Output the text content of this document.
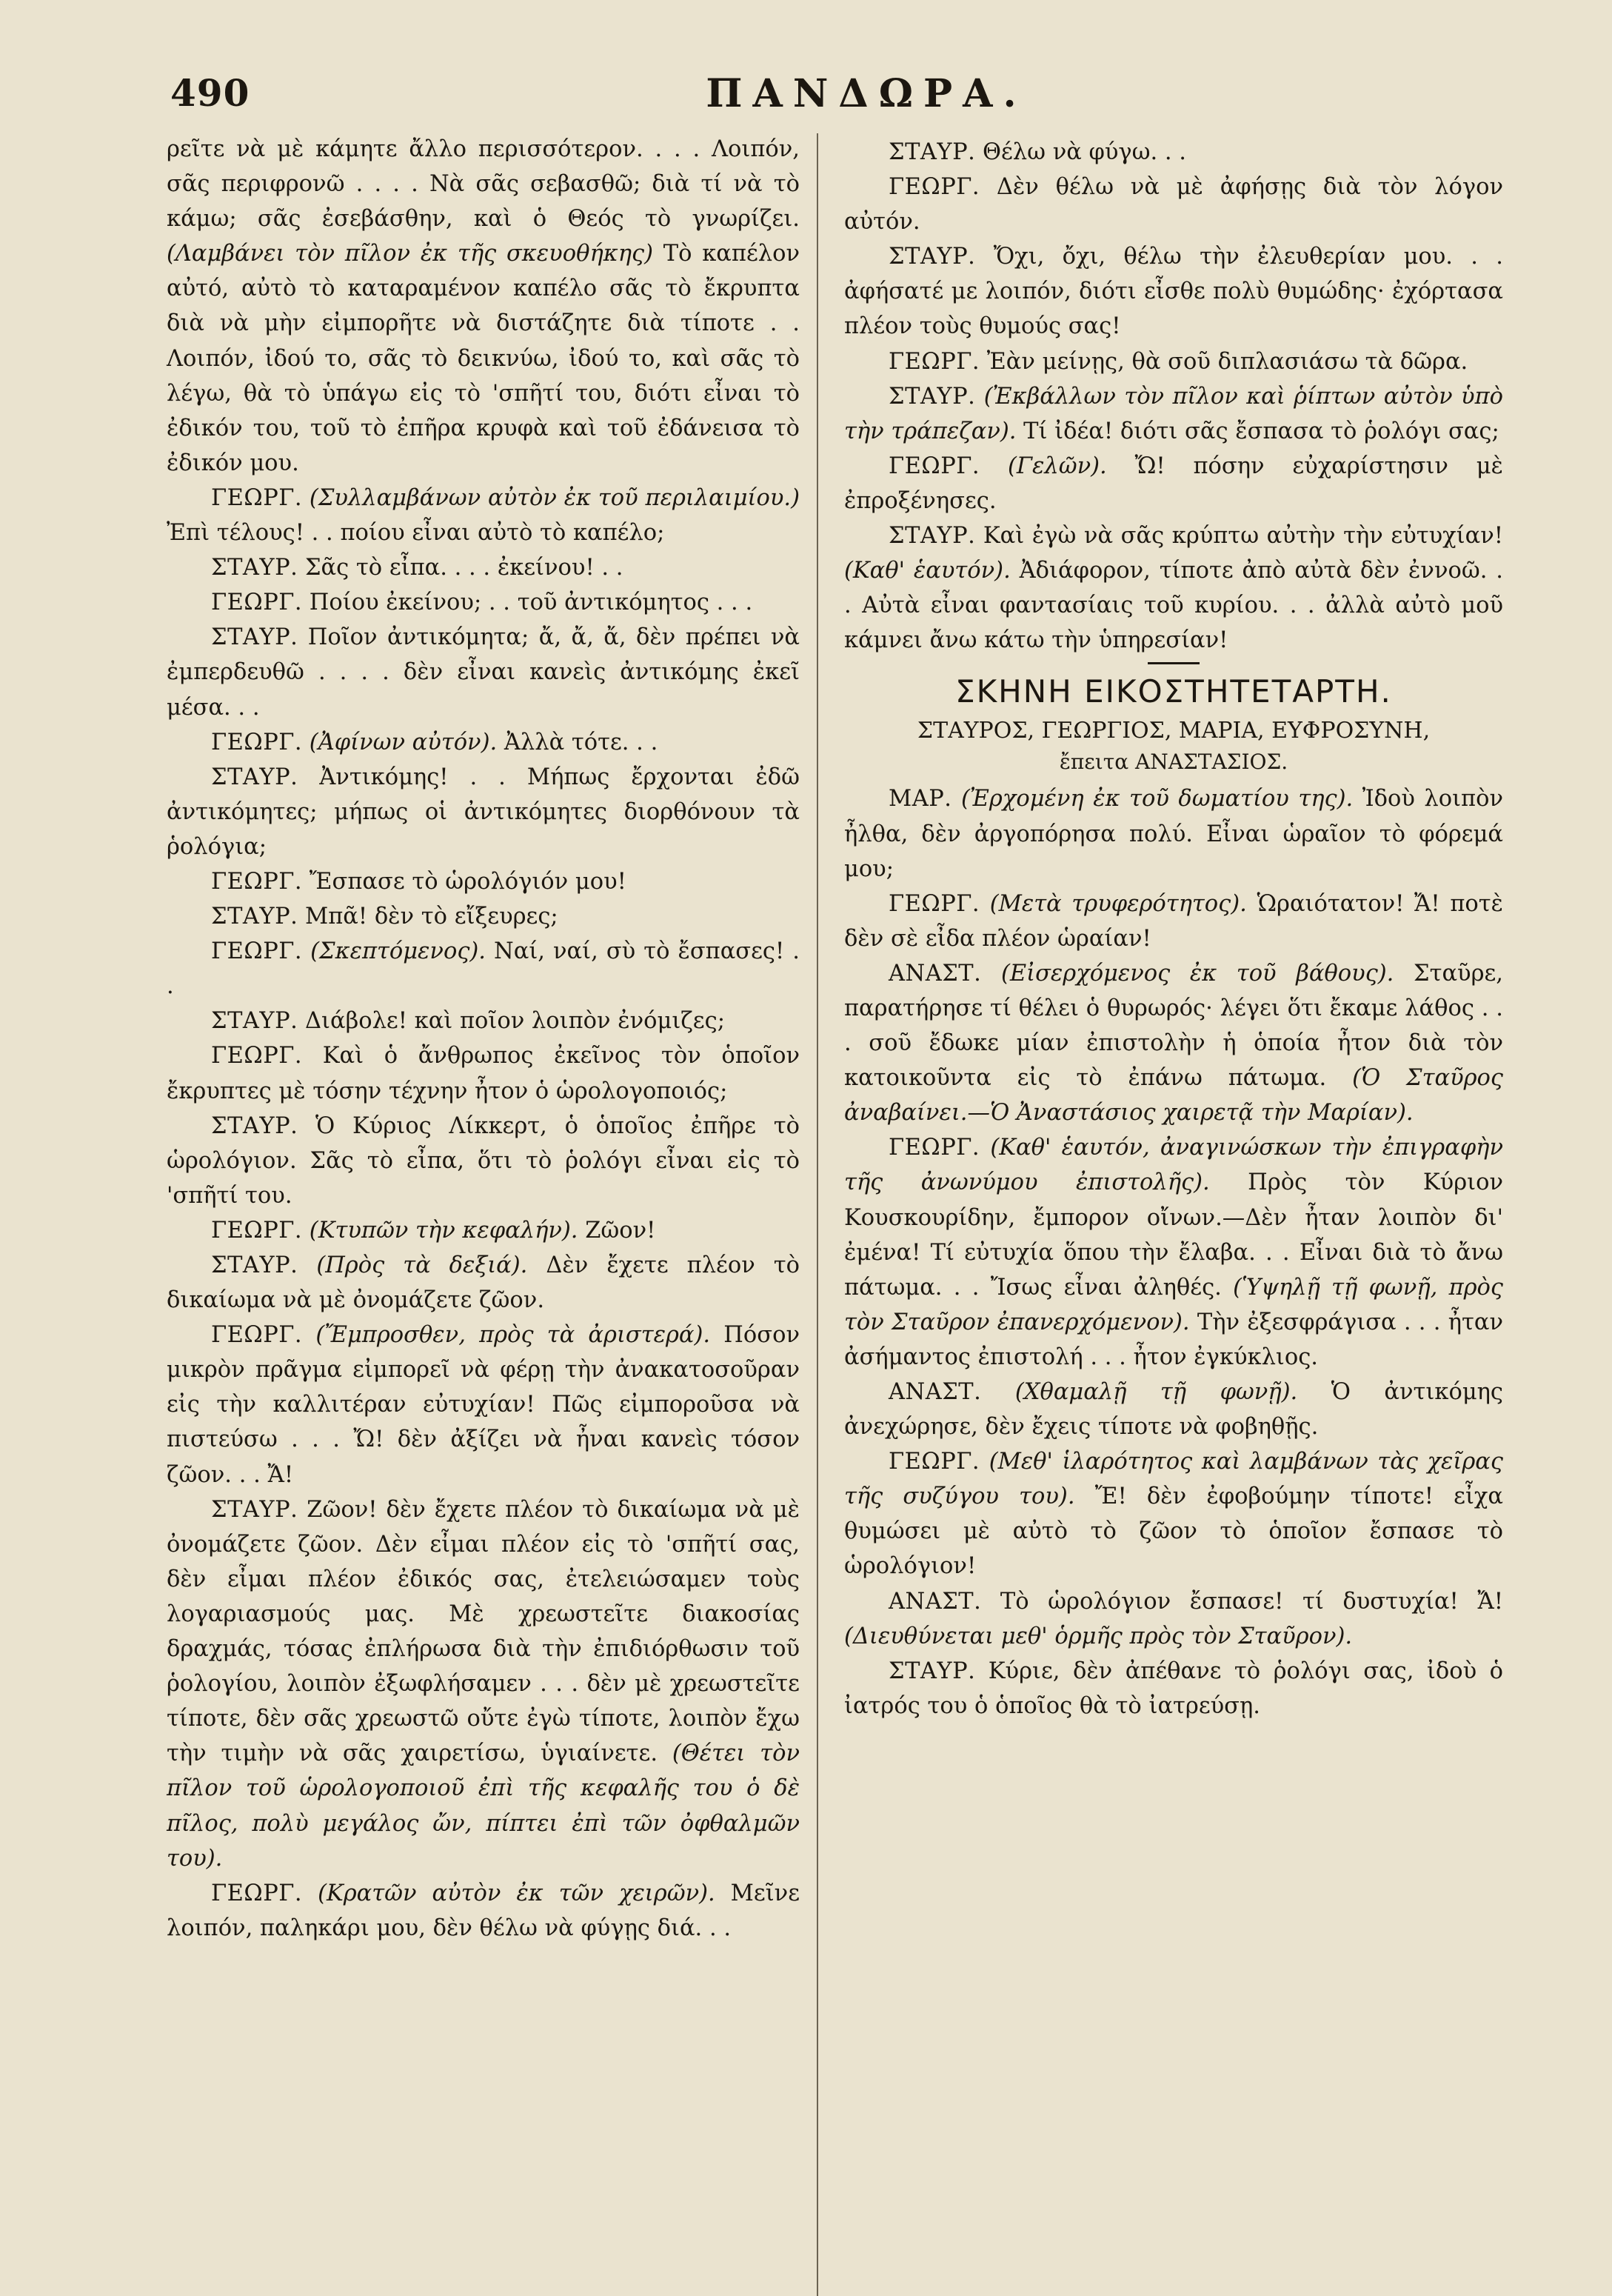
490	ΠΑΝΔΩΡΑ.

ρεῖτε νὰ μὲ κάμητε ἄλλο περισσότερον. . . . Λοιπόν, σᾶς περιφρονῶ . . . . Νὰ σᾶς σεβασθῶ; διὰ τί νὰ τὸ κάμω; σᾶς ἐσεβάσθην, καὶ ὁ Θεός τὸ γνωρίζει. (Λαμβάνει τὸν πῖλον ἐκ τῆς σκευοθήκης) Τὸ καπέλον αὐτό, αὐτὸ τὸ καταραμένον καπέλο σᾶς τὸ ἔκρυπτα διὰ νὰ μὴν εἰμπορῆτε νὰ διστάζητε διὰ τίποτε . . Λοιπόν, ἰδού το, σᾶς τὸ δεικνύω, ἰδού το, καὶ σᾶς τὸ λέγω, θὰ τὸ ὑπάγω εἰς τὸ 'σπῆτί του, διότι εἶναι τὸ ἐδικόν του, τοῦ τὸ ἐπῆρα κρυφὰ καὶ τοῦ ἐδάνεισα τὸ ἐδικόν μου.

ΓΕΩΡΓ. (Συλλαμβάνων αὐτὸν ἐκ τοῦ περιλαιμίου.) Ἐπὶ τέλους! . . ποίου εἶναι αὐτὸ τὸ καπέλο;

ΣΤΑΥΡ. Σᾶς τὸ εἶπα. . . . ἐκείνου! . .

ΓΕΩΡΓ. Ποίου ἐκείνου; . . τοῦ ἀντικόμητος . . .

ΣΤΑΥΡ. Ποῖον ἀντικόμητα; ἄ, ἄ, ἄ, δὲν πρέπει νὰ ἐμπερδευθῶ . . . . δὲν εἶναι κανεὶς ἀντικόμης ἐκεῖ μέσα. . .

ΓΕΩΡΓ. (Ἀφίνων αὐτόν). Ἀλλὰ τότε. . .

ΣΤΑΥΡ. Ἀντικόμης! . . Μήπως ἔρχονται ἐδῶ ἀντικόμητες; μήπως οἱ ἀντικόμητες διορθόνουν τὰ ῥολόγια;

ΓΕΩΡΓ. Ἔσπασε τὸ ὡρολόγιόν μου!

ΣΤΑΥΡ. Μπᾶ! δὲν τὸ εἴξευρες;

ΓΕΩΡΓ. (Σκεπτόμενος). Ναί, ναί, σὺ τὸ ἔσπασες! . .

ΣΤΑΥΡ. Διάβολε! καὶ ποῖον λοιπὸν ἐνόμιζες;

ΓΕΩΡΓ. Καὶ ὁ ἄνθρωπος ἐκεῖνος τὸν ὁποῖον ἔκρυπτες μὲ τόσην τέχνην ἦτον ὁ ὡρολογοποιός;

ΣΤΑΥΡ. Ὁ Κύριος Λίκκερτ, ὁ ὁποῖος ἐπῆρε τὸ ὡρολόγιον. Σᾶς τὸ εἶπα, ὅτι τὸ ῥολόγι εἶναι εἰς τὸ 'σπῆτί του.

ΓΕΩΡΓ. (Κτυπῶν τὴν κεφαλήν). Ζῶον!

ΣΤΑΥΡ. (Πρὸς τὰ δεξιά). Δὲν ἔχετε πλέον τὸ δικαίωμα νὰ μὲ ὀνομάζετε ζῶον.

ΓΕΩΡΓ. (Ἔμπροσθεν, πρὸς τὰ ἀριστερά). Πόσον μικρὸν πρᾶγμα εἰμπορεῖ νὰ φέρῃ τὴν ἀνακατοσοῦραν εἰς τὴν καλλιτέραν εὐτυχίαν! Πῶς εἰμποροῦσα νὰ πιστεύσω . . . Ὤ! δὲν ἀξίζει νὰ ἦναι κανεὶς τόσον ζῶον. . . Ἄ!

ΣΤΑΥΡ. Ζῶον! δὲν ἔχετε πλέον τὸ δικαίωμα νὰ μὲ ὀνομάζετε ζῶον. Δὲν εἶμαι πλέον εἰς τὸ 'σπῆτί σας, δὲν εἶμαι πλέον ἐδικός σας, ἐτελειώσαμεν τοὺς λογαριασμούς μας. Μὲ χρεωστεῖτε διακοσίας δραχμάς, τόσας ἐπλήρωσα διὰ τὴν ἐπιδιόρθωσιν τοῦ ῥολογίου, λοιπὸν ἐξωφλήσαμεν . . . δὲν μὲ χρεωστεῖτε τίποτε, δὲν σᾶς χρεωστῶ οὔτε ἐγὼ τίποτε, λοιπὸν ἔχω τὴν τιμὴν νὰ σᾶς χαιρετίσω, ὑγιαίνετε. (Θέτει τὸν πῖλον τοῦ ὡρολογοποιοῦ ἐπὶ τῆς κεφαλῆς του ὁ δὲ πῖλος, πολὺ μεγάλος ὤν, πίπτει ἐπὶ τῶν ὀφθαλμῶν του).

ΓΕΩΡΓ. (Κρατῶν αὐτὸν ἐκ τῶν χειρῶν). Μεῖνε λοιπόν, παληκάρι μου, δὲν θέλω νὰ φύγῃς διά. . .

ΣΤΑΥΡ. Θέλω νὰ φύγω. . .

ΓΕΩΡΓ. Δὲν θέλω νὰ μὲ ἀφήσῃς διὰ τὸν λόγον αὐτόν.

ΣΤΑΥΡ. Ὄχι, ὄχι, θέλω τὴν ἐλευθερίαν μου. . . ἀφήσατέ με λοιπόν, διότι εἶσθε πολὺ θυμώδης· ἐχόρτασα πλέον τοὺς θυμούς σας!

ΓΕΩΡΓ. Ἐὰν μείνῃς, θὰ σοῦ διπλασιάσω τὰ δῶρα.

ΣΤΑΥΡ. (Ἐκβάλλων τὸν πῖλον καὶ ῥίπτων αὐτὸν ὑπὸ τὴν τράπεζαν). Τί ἰδέα! διότι σᾶς ἔσπασα τὸ ῥολόγι σας;

ΓΕΩΡΓ. (Γελῶν). Ὤ! πόσην εὐχαρίστησιν μὲ ἐπροξένησες.

ΣΤΑΥΡ. Καὶ ἐγὼ νὰ σᾶς κρύπτω αὐτὴν τὴν εὐτυχίαν! (Καθ' ἑαυτόν). Ἀδιάφορον, τίποτε ἀπὸ αὐτὰ δὲν ἐννοῶ. . . Αὐτὰ εἶναι φαντασίαις τοῦ κυρίου. . . ἀλλὰ αὐτὸ μοῦ κάμνει ἄνω κάτω τὴν ὑπηρεσίαν!

ΣΚΗΝΗ ΕΙΚΟΣΤΗΤΕΤΑΡΤΗ.
ΣΤΑΥΡΟΣ, ΓΕΩΡΓΙΟΣ, ΜΑΡΙΑ, ΕΥΦΡΟΣΥΝΗ,
ἔπειτα ΑΝΑΣΤΑΣΙΟΣ.

ΜΑΡ. (Ἐρχομένη ἐκ τοῦ δωματίου της). Ἰδοὺ λοιπὸν ἦλθα, δὲν ἀργοπόρησα πολύ. Εἶναι ὡραῖον τὸ φόρεμά μου;

ΓΕΩΡΓ. (Μετὰ τρυφερότητος). Ὡραιότατον! Ἄ! ποτὲ δὲν σὲ εἶδα πλέον ὡραίαν!

ΑΝΑΣΤ. (Εἰσερχόμενος ἐκ τοῦ βάθους). Σταῦρε, παρατήρησε τί θέλει ὁ θυρωρός· λέγει ὅτι ἔκαμε λάθος . . . σοῦ ἔδωκε μίαν ἐπιστολὴν ἡ ὁποία ἦτον διὰ τὸν κατοικοῦντα εἰς τὸ ἐπάνω πάτωμα. (Ὁ Σταῦρος ἀναβαίνει.—Ὁ Ἀναστάσιος χαιρετᾷ τὴν Μαρίαν).

ΓΕΩΡΓ. (Καθ' ἑαυτόν, ἀναγινώσκων τὴν ἐπιγραφὴν τῆς ἀνωνύμου ἐπιστολῆς). Πρὸς τὸν Κύριον Κουσκουρίδην, ἔμπορον οἴνων.—Δὲν ἦταν λοιπὸν δι' ἐμένα! Τί εὐτυχία ὅπου τὴν ἔλαβα. . . Εἶναι διὰ τὸ ἄνω πάτωμα. . . Ἴσως εἶναι ἀληθές. (Ὑψηλῇ τῇ φωνῇ, πρὸς τὸν Σταῦρον ἐπανερχόμενον). Τὴν ἐξεσφράγισα . . . ἦταν ἀσήμαντος ἐπιστολή . . . ἦτον ἐγκύκλιος.

ΑΝΑΣΤ. (Χθαμαλῇ τῇ φωνῇ). Ὁ ἀντικόμης ἀνεχώρησε, δὲν ἔχεις τίποτε νὰ φοβηθῇς.

ΓΕΩΡΓ. (Μεθ' ἱλαρότητος καὶ λαμβάνων τὰς χεῖρας τῆς συζύγου του). Ἔ! δὲν ἐφοβούμην τίποτε! εἶχα θυμώσει μὲ αὐτὸ τὸ ζῶον τὸ ὁποῖον ἔσπασε τὸ ὡρολόγιον!

ΑΝΑΣΤ. Τὸ ὡρολόγιον ἔσπασε! τί δυστυχία! Ἄ! (Διευθύνεται μεθ' ὁρμῆς πρὸς τὸν Σταῦρον).

ΣΤΑΥΡ. Κύριε, δὲν ἀπέθανε τὸ ῥολόγι σας, ἰδοὺ ὁ ἰατρός του ὁ ὁποῖος θὰ τὸ ἰατρεύσῃ.
